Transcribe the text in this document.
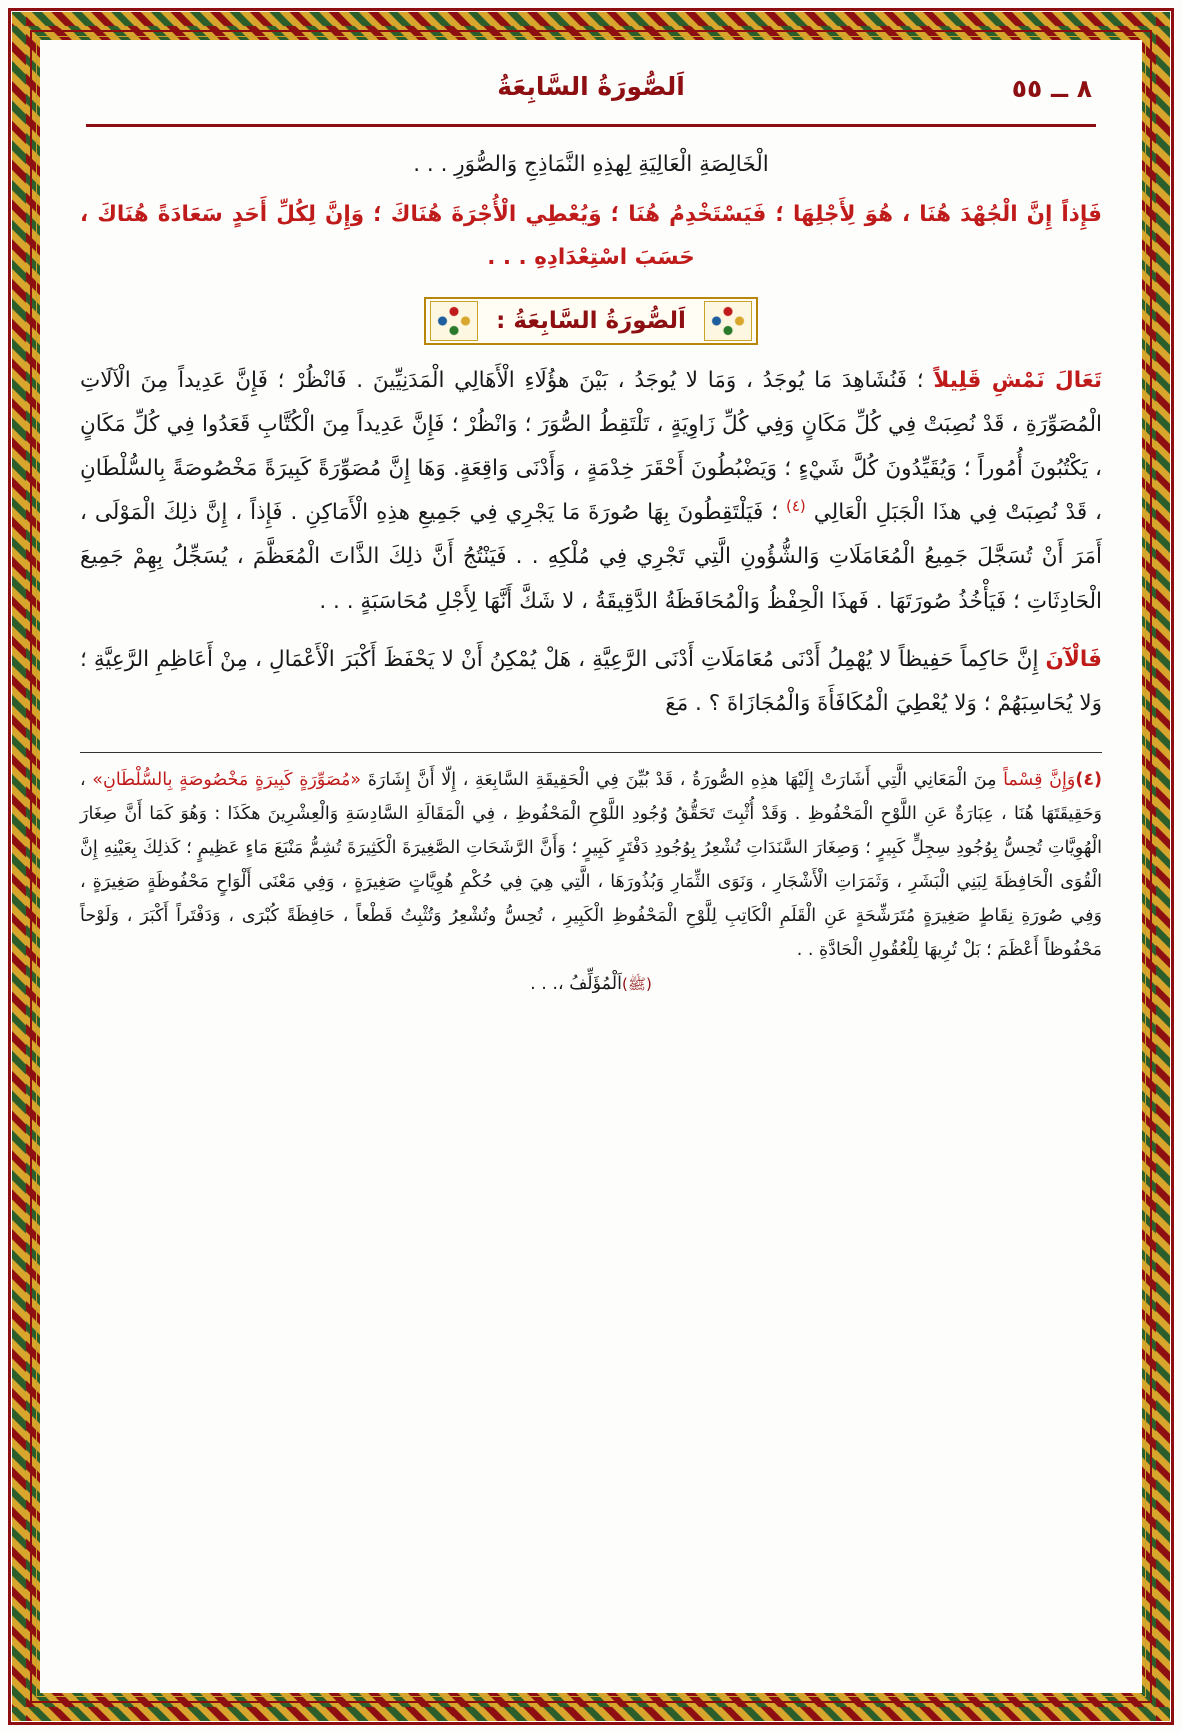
٨ ــ ٥٥
اَلصُّورَةُ السَّابِعَةُ

الْخَالِصَةِ الْعَالِيَةِ لِهذِهِ النَّمَاذِجِ وَالصُّوَرِ . . .

فَإِذاً إِنَّ الْجُهْدَ هُنَا ، هُوَ لِأَجْلِهَا ؛ فَيَسْتَخْدِمُ هُنَا ؛ وَيُعْطِي الْأُجْرَةَ هُنَاكَ ؛ وَإِنَّ لِكُلِّ أَحَدٍ سَعَادَةً هُنَاكَ ، حَسَبَ اسْتِعْدَادِهِ . . .

اَلصُّورَةُ السَّابِعَةُ :

تَعَالَ نَمْشِ قَلِيلاً ؛ فَنُشَاهِدَ مَا يُوجَدُ ، وَمَا لا يُوجَدُ ، بَيْنَ هؤُلَاءِ الْأَهَالِي الْمَدَنِيِّينَ . فَانْظُرْ ؛ فَإِنَّ عَدِيداً مِنَ الْآلَاتِ الْمُصَوِّرَةِ ، قَدْ نُصِبَتْ فِي كُلِّ مَكَانٍ وَفِي كُلِّ زَاوِيَةٍ ، تَلْتَقِطُ الصُّوَرَ ؛ وَانْظُرْ ؛ فَإِنَّ عَدِيداً مِنَ الْكُتَّابِ قَعَدُوا فِي كُلِّ مَكَانٍ ، يَكْتُبُونَ أُمُوراً ؛ وَيُقَيِّدُونَ كُلَّ شَيْءٍ ؛ وَيَضْبُطُونَ أَحْقَرَ خِدْمَةٍ ، وَأَدْنَى وَاقِعَةٍ. وَهَا إِنَّ مُصَوِّرَةً كَبِيرَةً مَخْصُوصَةً بِالسُّلْطَانِ ، قَدْ نُصِبَتْ فِي هذَا الْجَبَلِ الْعَالِي $^{(٤)}$ ؛ فَيَلْتَقِطُونَ بِهَا صُورَةَ مَا يَجْرِي فِي جَمِيعِ هذِهِ الْأَمَاكِنِ . فَإِذاً ، إِنَّ ذلِكَ الْمَوْلَى ، أَمَرَ أَنْ تُسَجَّلَ جَمِيعُ الْمُعَامَلَاتِ وَالشُّؤُونِ الَّتِي تَجْرِي فِي مُلْكِهِ . . فَيَنْتُجُ أَنَّ ذلِكَ الذَّاتَ الْمُعَظَّمَ ، يُسَجِّلُ بِهِمْ جَمِيعَ الْحَادِثَاتِ ؛ فَيَأْخُذُ صُورَتَهَا . فَهذَا الْحِفْظُ وَالْمُحَافَظَةُ الدَّقِيقَةُ ، لا شَكَّ أَنَّهَا لِأَجْلِ مُحَاسَبَةٍ . . .

فَالْآنَ إِنَّ حَاكِماً حَفِيظاً لا يُهْمِلُ أَدْنَى مُعَامَلَاتِ أَدْنَى الرَّعِيَّةِ ، هَلْ يُمْكِنُ أَنْ لا يَحْفَظَ أَكْبَرَ الْأَعْمَالِ ، مِنْ أَعَاظِمِ الرَّعِيَّةِ ؛ وَلا يُحَاسِبَهُمْ ؛ وَلا يُعْطِيَ الْمُكَافَأَةَ وَالْمُجَازَاةَ ؟ . مَعَ

(٤)وَإِنَّ قِسْماً مِنَ الْمَعَانِي الَّتِي أَشَارَتْ إِلَيْهَا هذِهِ الصُّورَةُ ، قَدْ بُيِّنَ فِي الْحَقِيقَةِ السَّابِعَةِ ، إِلّا أَنَّ إِشَارَةَ «مُصَوِّرَةٍ كَبِيرَةٍ مَخْصُوصَةٍ بِالسُّلْطَانِ» ، وَحَقِيقَتَهَا هُنَا ، عِبَارَةٌ عَنِ اللَّوْحِ الْمَحْفُوظِ . وَقَدْ أُثْبِتَ تَحَقُّقُ وُجُودِ اللَّوْحِ الْمَحْفُوظِ ، فِي الْمَقَالَةِ السَّادِسَةِ وَالْعِشْرِينَ هكَذَا : وَهُوَ كَمَا أَنَّ صِغَارَ الْهُوِيَّاتِ تُحِسُّ بِوُجُودِ سِجِلٍّ كَبِيرٍ ؛ وَصِغَارَ السَّنَدَاتِ تُشْعِرُ بِوُجُودِ دَفْتَرٍ كَبِيرٍ ؛ وَأَنَّ الرَّشَحَاتِ الصَّغِيرَةَ الْكَثِيرَةَ تُشِمُّ مَنْبَعَ مَاءٍ عَظِيمٍ ؛ كَذلِكَ بِعَيْنِهِ إِنَّ الْقُوَى الْحَافِظَةَ لِبَنِي الْبَشَرِ ، وَثَمَرَاتِ الْأَشْجَارِ ، وَنَوَى الثِّمَارِ وَبُذُورَهَا ، الَّتِي هِيَ فِي حُكْمِ هُوِيَّاتٍ صَغِيرَةٍ ، وَفِي مَعْنَى أَلْوَاحٍ مَحْفُوظَةٍ صَغِيرَةٍ ، وَفِي صُورَةِ نِقَاطٍ صَغِيرَةٍ مُتَرَشِّحَةٍ عَنِ الْقَلَمِ الْكَاتِبِ لِلَّوْحِ الْمَحْفُوظِ الْكَبِيرِ ، تُحِسُّ وتُشْعِرُ وَتُثْبِتُ قَطْعاً ، حَافِظَةً كُبْرَى ، وَدَفْتَراً أَكْبَرَ ، وَلَوْحاً مَحْفُوظاً أَعْظَمَ ؛ بَلْ تُرِيهَا لِلْعُقُولِ الْحَادَّةِ . .

(ﷺ)اَلْمُؤَلِّفُ ،. . .
